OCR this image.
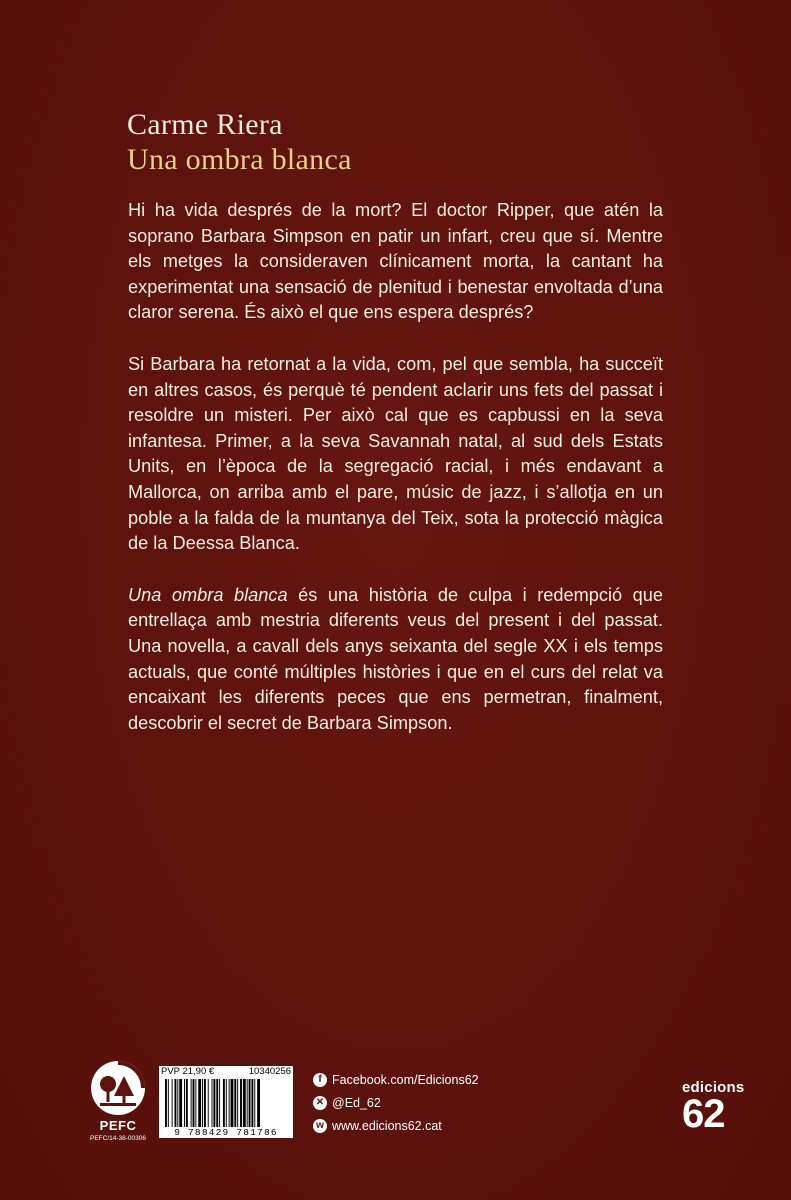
Carme Riera
Una ombra blanca

Hi ha vida després de la mort? El doctor Ripper, que atén la soprano Barbara Simpson en patir un infart, creu que sí. Mentre els metges la consideraven clínicament morta, la cantant ha experimentat una sensació de plenitud i benestar envoltada d’una claror serena. És això el que ens espera després?

Si Barbara ha retornat a la vida, com, pel que sembla, ha succeït en altres casos, és perquè té pendent aclarir uns fets del passat i resoldre un misteri. Per això cal que es capbussi en la seva infantesa. Primer, a la seva Savannah natal, al sud dels Estats Units, en l’època de la segregació racial, i més endavant a Mallorca, on arriba amb el pare, músic de jazz, i s’allotja en un poble a la falda de la muntanya del Teix, sota la protecció màgica de la Deessa Blanca.

Una ombra blanca és una història de culpa i redempció que entrellaça amb mestria diferents veus del present i del passat. Una novella, a cavall dels anys seixanta del segle XX i els temps actuals, que conté múltiples històries i que en el curs del relat va encaixant les diferents peces que ens permetran, finalment, descobrir el secret de Barbara Simpson.

PEFC
PEFC/14-38-00306
PVP 21,90 €	10340256
9 788429 781786
f Facebook.com/Edicions62
✕ @Ed_62
w www.edicions62.cat
edicions
62
